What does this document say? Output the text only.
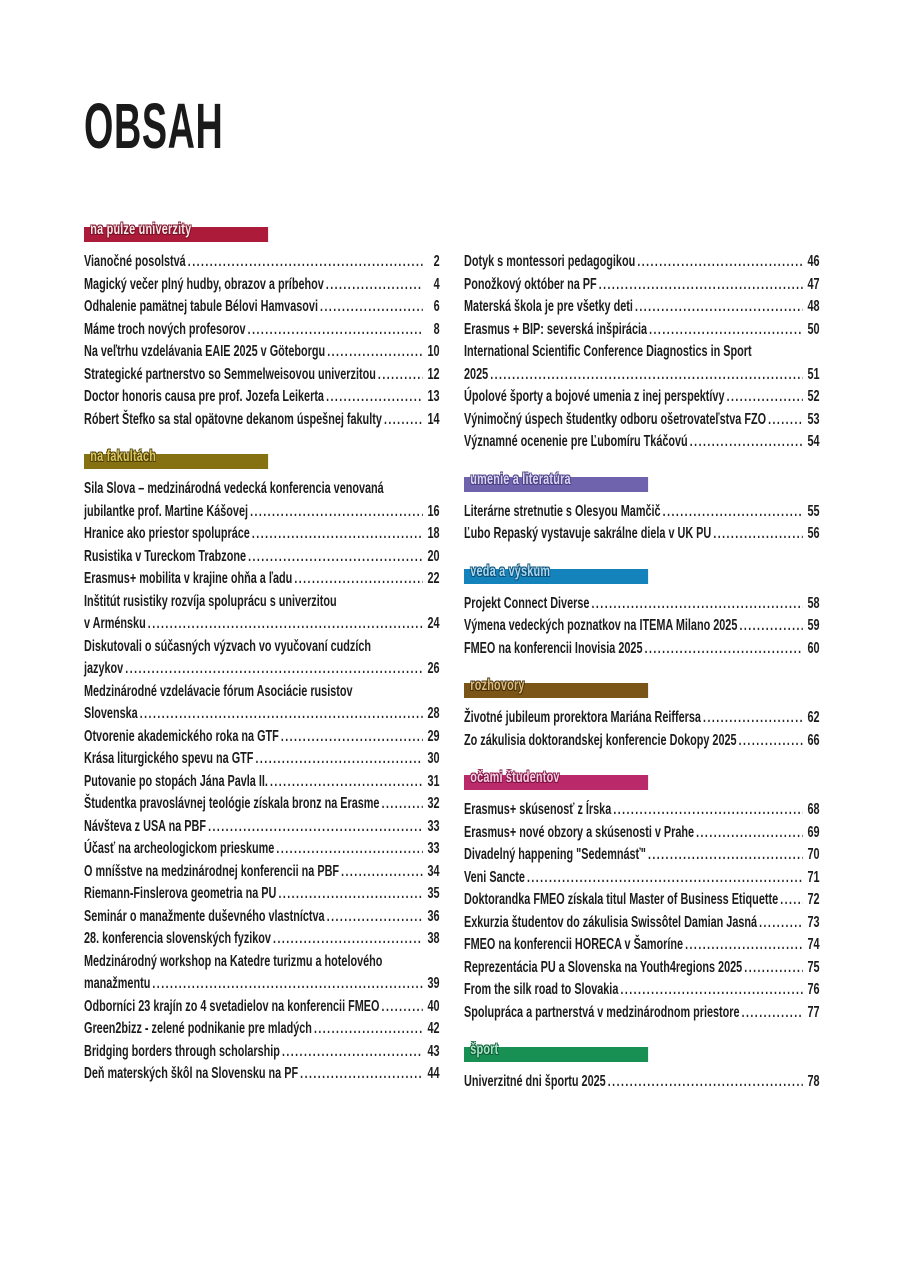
OBSAH
na pulze univerzity
Vianočné posolstvá .....	2
Magický večer plný hudby, obrazov a príbehov .....	4
Odhalenie pamätnej tabule Bélovi Hamvasovi .....	6
Máme troch nových profesorov .....	8
Na veľtrhu vzdelávania EAIE 2025 v Göteborgu .....	10
Strategické partnerstvo so Semmelweisovou univerzitou .....	12
Doctor honoris causa pre prof. Jozefa Leikerta .....	13
Róbert Štefko sa stal opätovne dekanom úspešnej fakulty .....	14
na fakultách
Sila Slova – medzinárodná vedecká konferencia venovaná
jubilantke prof. Martine Kášovej .....	16
Hranice ako priestor spolupráce .....	18
Rusistika v Tureckom Trabzone .....	20
Erasmus+ mobilita v krajine ohňa a ľadu .....	22
Inštitút rusistiky rozvíja spoluprácu s univerzitou
v Arménsku .....	24
Diskutovali o súčasných výzvach vo vyučovaní cudzích
jazykov .....	26
Medzinárodné vzdelávacie fórum Asociácie rusistov
Slovenska .....	28
Otvorenie akademického roka na GTF .....	29
Krása liturgického spevu na GTF .....	30
Putovanie po stopách Jána Pavla II. .....	31
Študentka pravoslávnej teológie získala bronz na Erasme .....	32
Návšteva z USA na PBF .....	33
Účasť na archeologickom prieskume .....	33
O mníšstve na medzinárodnej konferencii na PBF .....	34
Riemann-Finslerova geometria na PU .....	35
Seminár o manažmente duševného vlastníctva .....	36
28. konferencia slovenských fyzikov .....	38
Medzinárodný workshop na Katedre turizmu a hotelového
manažmentu .....	39
Odborníci 23 krajín zo 4 svetadielov na konferencii FMEO .....	40
Green2bizz - zelené podnikanie pre mladých .....	42
Bridging borders through scholarship .....	43
Deň materských škôl na Slovensku na PF .....	44
Dotyk s montessori pedagogikou .....	46
Ponožkový október na PF .....	47
Materská škola je pre všetky deti .....	48
Erasmus + BIP: severská inšpirácia .....	50
International Scientific Conference Diagnostics in Sport
2025 .....	51
Úpolové športy a bojové umenia z inej perspektívy .....	52
Výnimočný úspech študentky odboru ošetrovateľstva FZO .....	53
Významné ocenenie pre Ľubomíru Tkáčovú .....	54
umenie a literatúra
Literárne stretnutie s Olesyou Mamčič .....	55
Ľubo Repaský vystavuje sakrálne diela v UK PU .....	56
veda a výskum
Projekt Connect Diverse .....	58
Výmena vedeckých poznatkov na ITEMA Milano 2025 .....	59
FMEO na konferencii Inovisia 2025 .....	60
rozhovory
Životné jubileum prorektora Mariána Reiffersa .....	62
Zo zákulisia doktorandskej konferencie Dokopy 2025 .....	66
očami študentov
Erasmus+ skúsenosť z Írska .....	68
Erasmus+ nové obzory a skúsenosti v Prahe .....	69
Divadelný happening "Sedemnásť" .....	70
Veni Sancte .....	71
Doktorandka FMEO získala titul Master of Business Etiquette ..... 72
Exkurzia študentov do zákulisia Swissôtel Damian Jasná .....	73
FMEO na konferencii HORECA v Šamoríne .....	74
Reprezentácia PU a Slovenska na Youth4regions 2025 .....	75
From the silk road to Slovakia .....	76
Spolupráca a partnerstvá v medzinárodnom priestore .....	77
šport
Univerzitné dni športu 2025 .....	78
